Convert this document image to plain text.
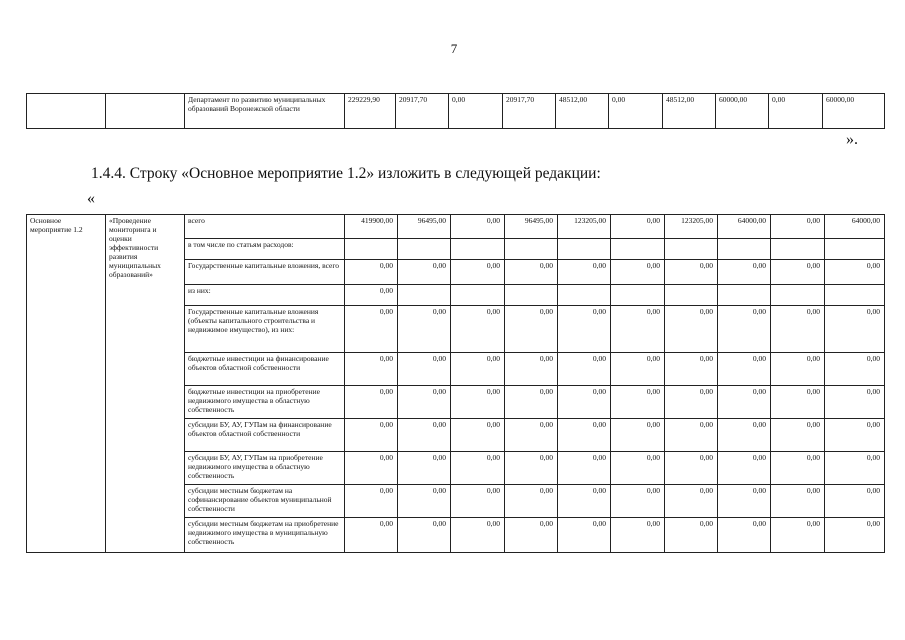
7
		Департамент по развитию муниципальных образований Воронежской области	229229,90	20917,70	0,00	20917,70	48512,00	0,00	48512,00	60000,00	0,00	60000,00
».
1.4.4. Строку «Основное мероприятие 1.2» изложить в следующей редакции:
«
Основное мероприятие 1.2	«Проведение мониторинга и оценки эффективности развития муниципальных образований»	всего	419900,00	96495,00	0,00	96495,00	123205,00	0,00	123205,00	64000,00	0,00	64000,00
		в том числе по статьям расходов:										
		Государственные капитальные вложения, всего	0,00	0,00	0,00	0,00	0,00	0,00	0,00	0,00	0,00	0,00
		из них:	0,00									
		Государственные капитальные вложения (объекты капитального строительства и недвижимое имущество), из них:	0,00	0,00	0,00	0,00	0,00	0,00	0,00	0,00	0,00	0,00
		бюджетные инвестиции на финансирование объектов областной собственности	0,00	0,00	0,00	0,00	0,00	0,00	0,00	0,00	0,00	0,00
		бюджетные инвестиции на приобретение недвижимого имущества в областную собственность	0,00	0,00	0,00	0,00	0,00	0,00	0,00	0,00	0,00	0,00
		субсидии БУ, АУ, ГУПам на финансирование объектов областной собственности	0,00	0,00	0,00	0,00	0,00	0,00	0,00	0,00	0,00	0,00
		субсидии БУ, АУ, ГУПам на приобретение недвижимого имущества в областную собственность	0,00	0,00	0,00	0,00	0,00	0,00	0,00	0,00	0,00	0,00
		субсидии местным бюджетам на софинансирование объектов муниципальной собственности	0,00	0,00	0,00	0,00	0,00	0,00	0,00	0,00	0,00	0,00
		субсидии местным бюджетам на приобретение недвижимого имущества в муниципальную собственность	0,00	0,00	0,00	0,00	0,00	0,00	0,00	0,00	0,00	0,00
